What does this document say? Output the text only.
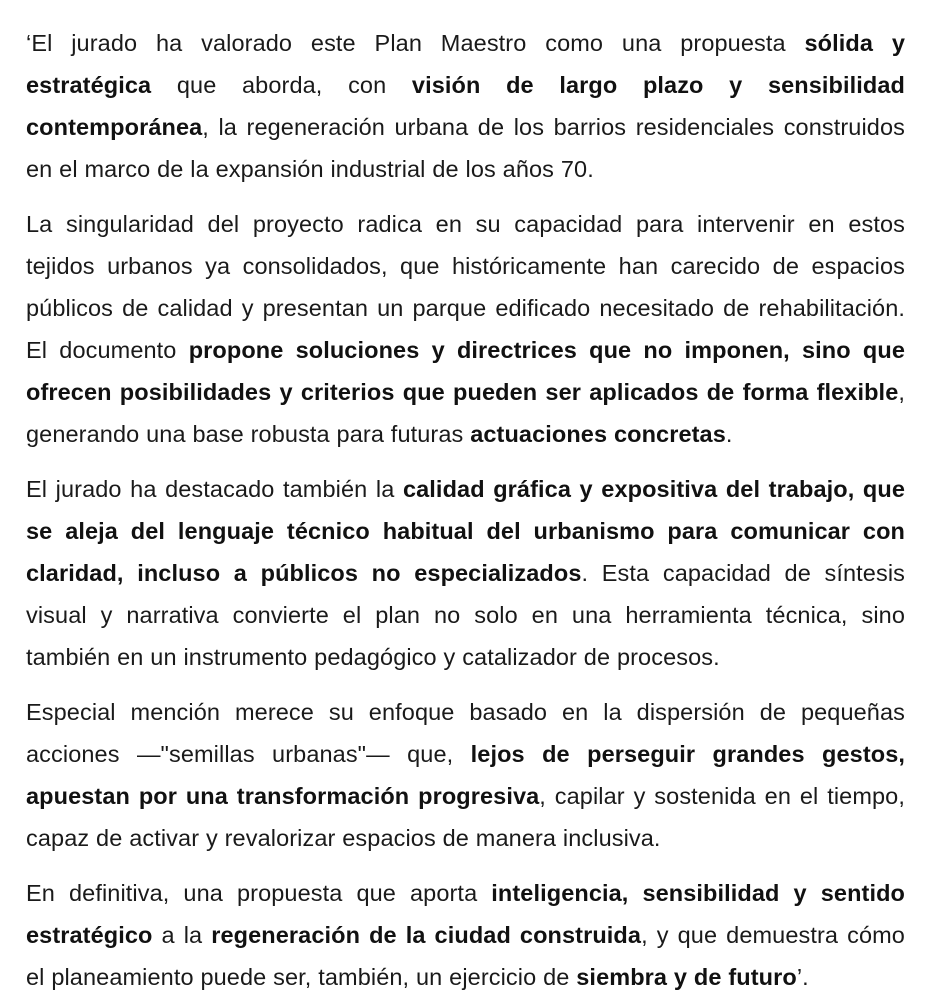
‘El jurado ha valorado este Plan Maestro como una propuesta sólida y estratégica que aborda, con visión de largo plazo y sensibilidad contemporánea, la regeneración urbana de los barrios residenciales construidos en el marco de la expansión industrial de los años 70.

La singularidad del proyecto radica en su capacidad para intervenir en estos tejidos urbanos ya consolidados, que históricamente han carecido de espacios públicos de calidad y presentan un parque edificado necesitado de rehabilitación. El documento propone soluciones y directrices que no imponen, sino que ofrecen posibilidades y criterios que pueden ser aplicados de forma flexible, generando una base robusta para futuras actuaciones concretas.

El jurado ha destacado también la calidad gráfica y expositiva del trabajo, que se aleja del lenguaje técnico habitual del urbanismo para comunicar con claridad, incluso a públicos no especializados. Esta capacidad de síntesis visual y narrativa convierte el plan no solo en una herramienta técnica, sino también en un instrumento pedagógico y catalizador de procesos.

Especial mención merece su enfoque basado en la dispersión de pequeñas acciones —"semillas urbanas"— que, lejos de perseguir grandes gestos, apuestan por una transformación progresiva, capilar y sostenida en el tiempo, capaz de activar y revalorizar espacios de manera inclusiva.

En definitiva, una propuesta que aporta inteligencia, sensibilidad y sentido estratégico a la regeneración de la ciudad construida, y que demuestra cómo el planeamiento puede ser, también, un ejercicio de siembra y de futuro’.
